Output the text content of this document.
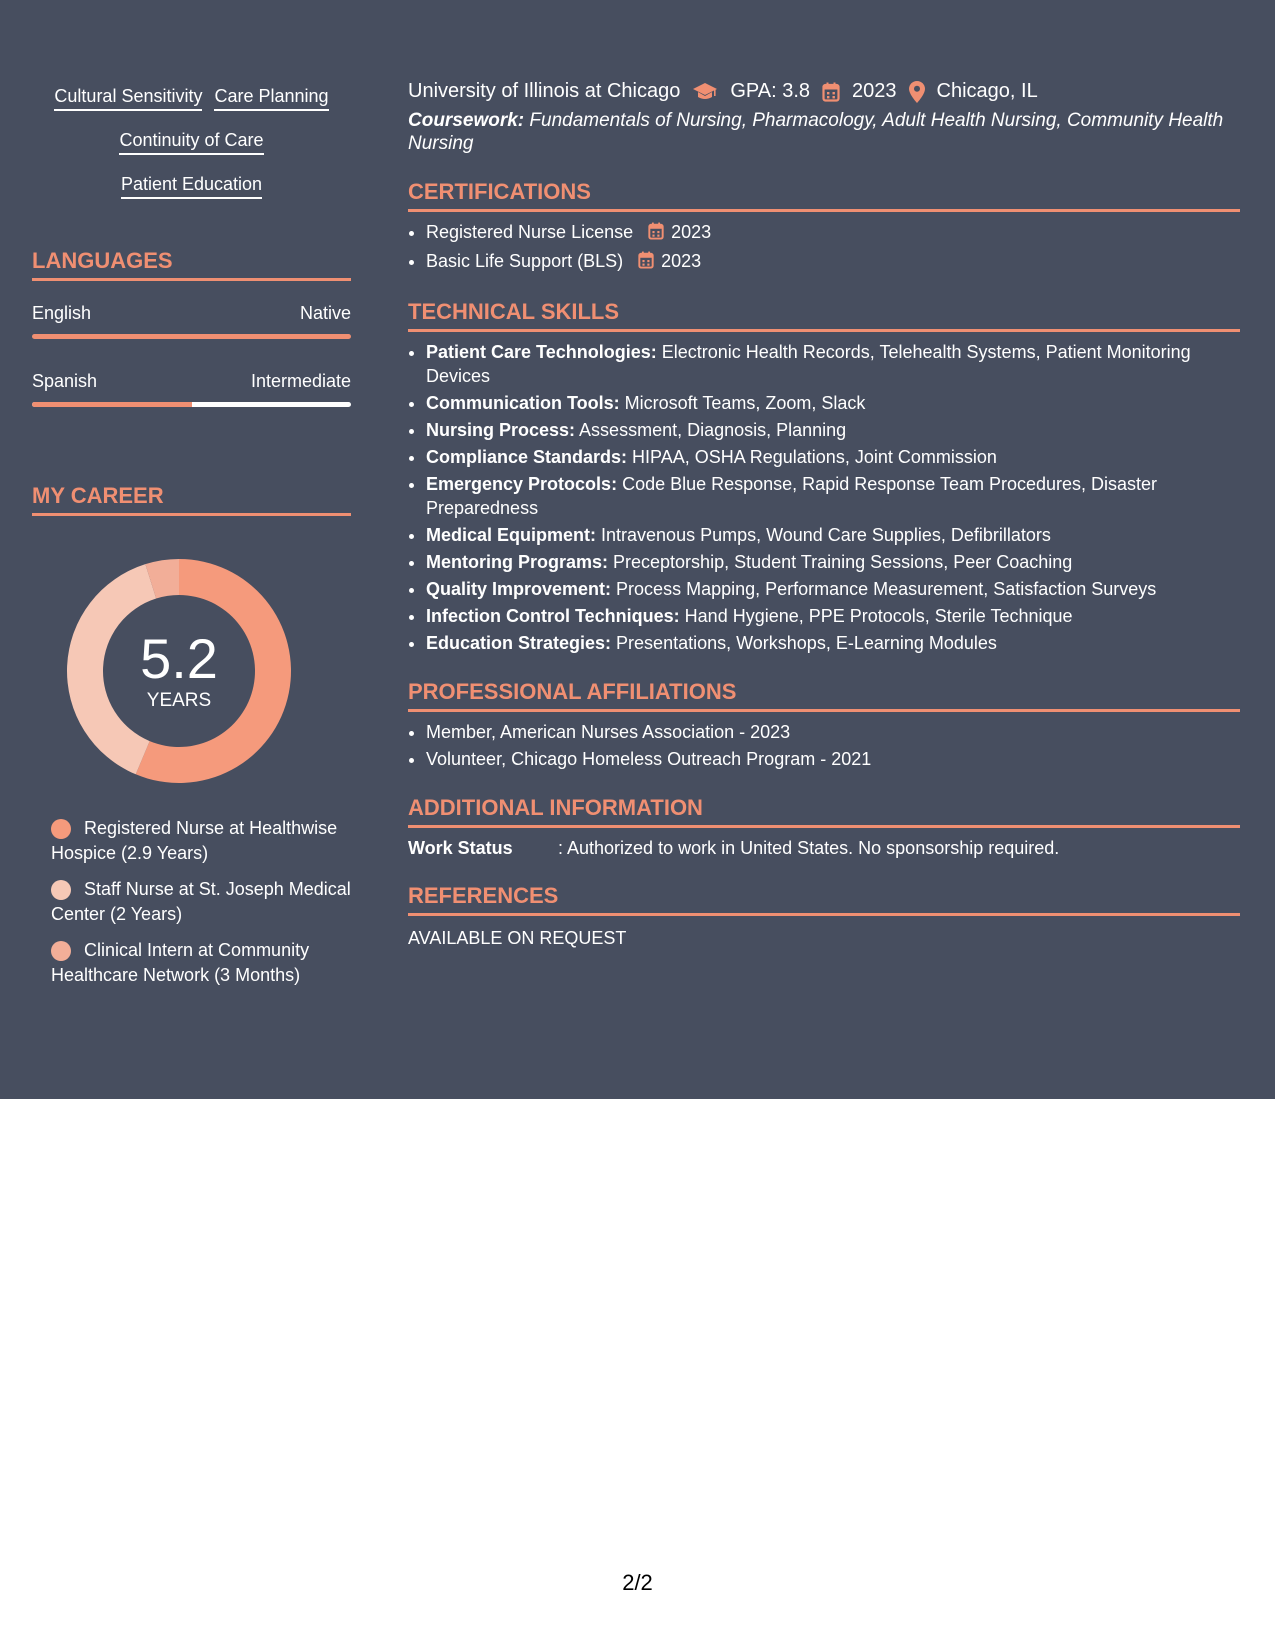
Cultural Sensitivity Care Planning
Continuity of Care
Patient Education
LANGUAGES
English	Native
Spanish	Intermediate
MY CAREER
5.2
YEARS
Registered Nurse at Healthwise Hospice (2.9 Years)
Staff Nurse at St. Joseph Medical Center (2 Years)
Clinical Intern at Community Healthcare Network (3 Months)
University of Illinois at Chicago	GPA: 3.8 2023 Chicago, IL
Coursework: Fundamentals of Nursing, Pharmacology, Adult Health Nursing, Community Health Nursing
CERTIFICATIONS
• Registered Nurse License 2023
• Basic Life Support (BLS) 2023
TECHNICAL SKILLS
• Patient Care Technologies: Electronic Health Records, Telehealth Systems, Patient Monitoring Devices
• Communication Tools: Microsoft Teams, Zoom, Slack
• Nursing Process: Assessment, Diagnosis, Planning
• Compliance Standards: HIPAA, OSHA Regulations, Joint Commission
• Emergency Protocols: Code Blue Response, Rapid Response Team Procedures, Disaster Preparedness
• Medical Equipment: Intravenous Pumps, Wound Care Supplies, Defibrillators
• Mentoring Programs: Preceptorship, Student Training Sessions, Peer Coaching
• Quality Improvement: Process Mapping, Performance Measurement, Satisfaction Surveys
• Infection Control Techniques: Hand Hygiene, PPE Protocols, Sterile Technique
• Education Strategies: Presentations, Workshops, E-Learning Modules
PROFESSIONAL AFFILIATIONS
• Member, American Nurses Association - 2023
• Volunteer, Chicago Homeless Outreach Program - 2021
ADDITIONAL INFORMATION
Work Status	: Authorized to work in United States. No sponsorship required.
REFERENCES
AVAILABLE ON REQUEST
2/2
